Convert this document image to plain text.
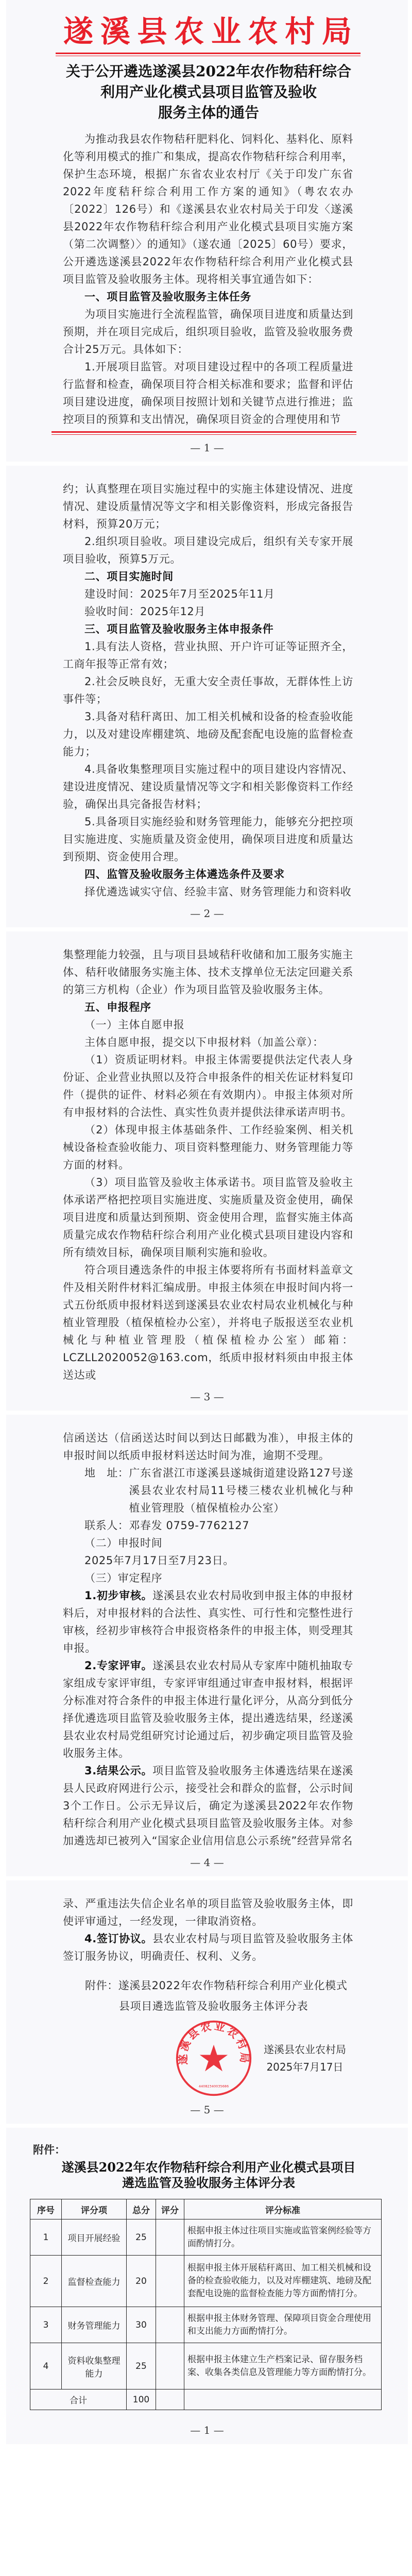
遂溪县农业农村局
关于公开遴选遂溪县2022年农作物秸秆综合
利用产业化模式县项目监管及验收
服务主体的通告

为推动我县农作物秸秆肥料化、饲料化、基料化、原料化等利用模式的推广和集成，提高农作物秸秆综合利用率，保护生态环境，根据广东省农业农村厅《关于印发广东省2022年度秸秆综合利用工作方案的通知》（粤农农办〔2022〕126号）和《遂溪县农业农村局关于印发〈遂溪县2022年农作物秸秆综合利用产业化模式县项目实施方案（第二次调整）〉的通知》（遂农通〔2025〕60号）要求，公开遴选遂溪县2022年农作物秸秆综合利用产业化模式县项目监管及验收服务主体。现将相关事宜通告如下：

一、项目监管及验收服务主体任务

为项目实施进行全流程监管，确保项目进度和质量达到预期，并在项目完成后，组织项目验收，监管及验收服务费合计25万元。具体如下：

1.开展项目监管。对项目建设过程中的各项工程质量进行监督和检查，确保项目符合相关标准和要求；监督和评估项目建设进度，确保项目按照计划和关键节点进行推进；监控项目的预算和支出情况，确保项目资金的合理使用和节

— 1 —

约；认真整理在项目实施过程中的实施主体建设情况、进度情况、建设质量情况等文字和相关影像资料，形成完备报告材料，预算20万元；

2.组织项目验收。项目建设完成后，组织有关专家开展项目验收，预算5万元。

二、项目实施时间

建设时间：2025年7月至2025年11月

验收时间：2025年12月

三、项目监管及验收服务主体申报条件

1.具有法人资格，营业执照、开户许可证等证照齐全，工商年报等正常有效；

2.社会反映良好，无重大安全责任事故，无群体性上访事件等；

3.具备对秸秆离田、加工相关机械和设备的检查验收能力，以及对建设库棚建筑、地磅及配套配电设施的监督检查能力；

4.具备收集整理项目实施过程中的项目建设内容情况、建设进度情况、建设质量情况等文字和相关影像资料工作经验，确保出具完备报告材料；

5.具备项目实施经验和财务管理能力，能够充分把控项目实施进度、实施质量及资金使用，确保项目进度和质量达到预期、资金使用合理。

四、监管及验收服务主体遴选条件及要求

择优遴选诚实守信、经验丰富、财务管理能力和资料收

— 2 —

集整理能力较强，且与项目县域秸秆收储和加工服务实施主体、秸秆收储服务实施主体、技术支撑单位无法定回避关系的第三方机构（企业）作为项目监管及验收服务主体。

五、申报程序

（一）主体自愿申报

主体自愿申报，提交以下申报材料（加盖公章）：

（1）资质证明材料。申报主体需要提供法定代表人身份证、企业营业执照以及符合申报条件的相关佐证材料复印件（提供的证件、材料必须在有效期内）。申报主体须对所有申报材料的合法性、真实性负责并提供法律承诺声明书。

（2）体现申报主体基础条件、工作经验案例、相关机械设备检查验收能力、项目资料整理能力、财务管理能力等方面的材料。

（3）项目监管及验收主体承诺书。项目监管及验收主体承诺严格把控项目实施进度、实施质量及资金使用，确保项目进度和质量达到预期、资金使用合理，监督实施主体高质量完成农作物秸秆综合利用产业化模式县项目建设内容和所有绩效目标，确保项目顺利实施和验收。

符合项目遴选条件的申报主体要将所有书面材料盖章文件及相关附件材料汇编成册。申报主体须在申报时间内将一式五份纸质申报材料送到遂溪县农业农村局农业机械化与种植业管理股（植保植检办公室），并将电子版报送至农业机械化与种植业管理股（植保植检办公室）邮箱：LCZLL2020052@163.com，纸质申报材料须由申报主体送达或

— 3 —

信函送达（信函送达时间以到达日邮戳为准），申报主体的申报时间以纸质申报材料送达时间为准，逾期不受理。

地　址： 广东省湛江市遂溪县遂城街道建设路127号遂溪县农业农村局11号楼三楼农业机械化与种植业管理股（植保植检办公室）

联系人：邓春发 0759-7762127

（二）申报时间

2025年7月17日至7月23日。

（三）审定程序

1.初步审核。遂溪县农业农村局收到申报主体的申报材料后，对申报材料的合法性、真实性、可行性和完整性进行审核，经初步审核符合申报资格条件的申报主体，则受理其申报。

2.专家评审。遂溪县农业农村局从专家库中随机抽取专家组成专家评审组，专家评审组通过审查申报材料，根据评分标准对符合条件的申报主体进行量化评分，从高分到低分择优遴选项目监管及验收服务主体，提出遴选结果，经遂溪县农业农村局党组研究讨论通过后，初步确定项目监管及验收服务主体。

3.结果公示。项目监管及验收服务主体遴选结果在遂溪县人民政府网进行公示，接受社会和群众的监督，公示时间3个工作日。公示无异议后，确定为遂溪县2022年农作物秸秆综合利用产业化模式县项目监管及验收服务主体。对参加遴选却已被列入“国家企业信用信息公示系统”经营异常名

— 4 —

录、严重违法失信企业名单的项目监管及验收服务主体，即使评审通过，一经发现，一律取消资格。

4.签订协议。县农业农村局与项目监管及验收服务主体签订服务协议，明确责任、权利、义务。

附件：遂溪县2022年农作物秸秆综合利用产业化模式
县项目遴选监管及验收服务主体评分表
遂溪县农业农村局
44082340035686
遂溪县农业农村局
2025年7月17日
— 5 —
附件：
遂溪县2022年农作物秸秆综合利用产业化模式县项目
遴选监管及验收服务主体评分表
序号	评分项	总分	评分	评分标准
1	项目开展经验	25		根据申报主体过往项目实施或监管案例经验等方面酌情打分。
2	监督检查能力	20		根据申报主体开展秸秆离田、加工相关机械和设备的检查验收能力，以及对库棚建筑、地磅及配套配电设施的监督检查能力等方面酌情打分。
3	财务管理能力	30		根据申报主体财务管理、保障项目资金合理使用和支出能力方面酌情打分。
4	资料收集整理能力	25		根据申报主体建立生产档案记录、留存服务档案、收集各类信息及管理能力等方面酌情打分。
合计		100		
— 1 —
